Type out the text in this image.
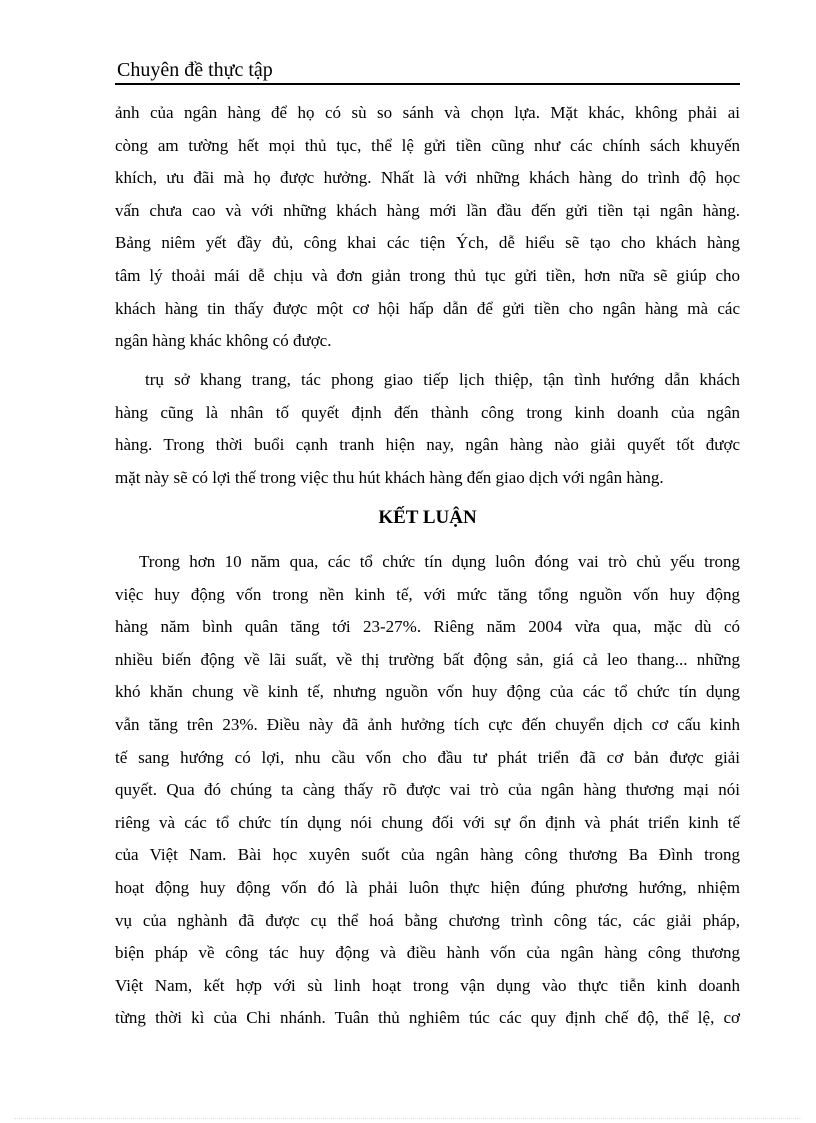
Chuyên đề thực tập
ảnh của ngân hàng để họ có sù so sánh và chọn lựa. Mặt khác, không phải ai
còng am tường hết mọi thủ tục, thể lệ gửi tiền cũng như các chính sách khuyến
khích, ưu đãi mà họ được hưởng. Nhất là với những khách hàng do trình độ học
vấn chưa cao và với những khách hàng mới lần đầu đến gửi tiền tại ngân hàng.
Bảng niêm yết đầy đủ, công khai các tiện Ých, dễ hiểu sẽ tạo cho khách hàng
tâm lý thoải mái dễ chịu và đơn giản trong thủ tục gửi tiền, hơn nữa sẽ giúp cho
khách hàng tin thấy được một cơ hội hấp dẫn để gửi tiền cho ngân hàng mà các
ngân hàng khác không có được.
trụ sở khang trang, tác phong giao tiếp lịch thiệp, tận tình hướng dẫn khách
hàng cũng là nhân tố quyết định đến thành công trong kinh doanh của ngân
hàng. Trong thời buổi cạnh tranh hiện nay, ngân hàng nào giải quyết tốt được
mặt này sẽ có lợi thế trong việc thu hút khách hàng đến giao dịch với ngân hàng.
KẾT LUẬN
Trong hơn 10 năm qua, các tổ chức tín dụng luôn đóng vai trò chủ yếu trong
việc huy động vốn trong nền kinh tế, với mức tăng tổng nguồn vốn huy động
hàng năm bình quân tăng tới 23-27%. Riêng năm 2004 vừa qua, mặc dù có
nhiều biến động về lãi suất, về thị trường bất động sản, giá cả leo thang... những
khó khăn chung về kinh tế, nhưng nguồn vốn huy động của các tổ chức tín dụng
vẫn tăng trên 23%. Điều này đã ảnh hưởng tích cực đến chuyển dịch cơ cấu kinh
tế sang hướng có lợi, nhu cầu vốn cho đầu tư phát triển đã cơ bản được giải
quyết. Qua đó chúng ta càng thấy rõ được vai trò của ngân hàng thương mại nói
riêng và các tổ chức tín dụng nói chung đối với sự ổn định và phát triển kinh tế
của Việt Nam. Bài học xuyên suốt của ngân hàng công thương Ba Đình trong
hoạt động huy động vốn đó là phải luôn thực hiện đúng phương hướng, nhiệm
vụ của nghành đã được cụ thể hoá bằng chương trình công tác, các giải pháp,
biện pháp về công tác huy động và điều hành vốn của ngân hàng công thương
Việt Nam, kết hợp với sù linh hoạt trong vận dụng vào thực tiễn kinh doanh
từng thời kì của Chi nhánh. Tuân thủ nghiêm túc các quy định chế độ, thể lệ, cơ
